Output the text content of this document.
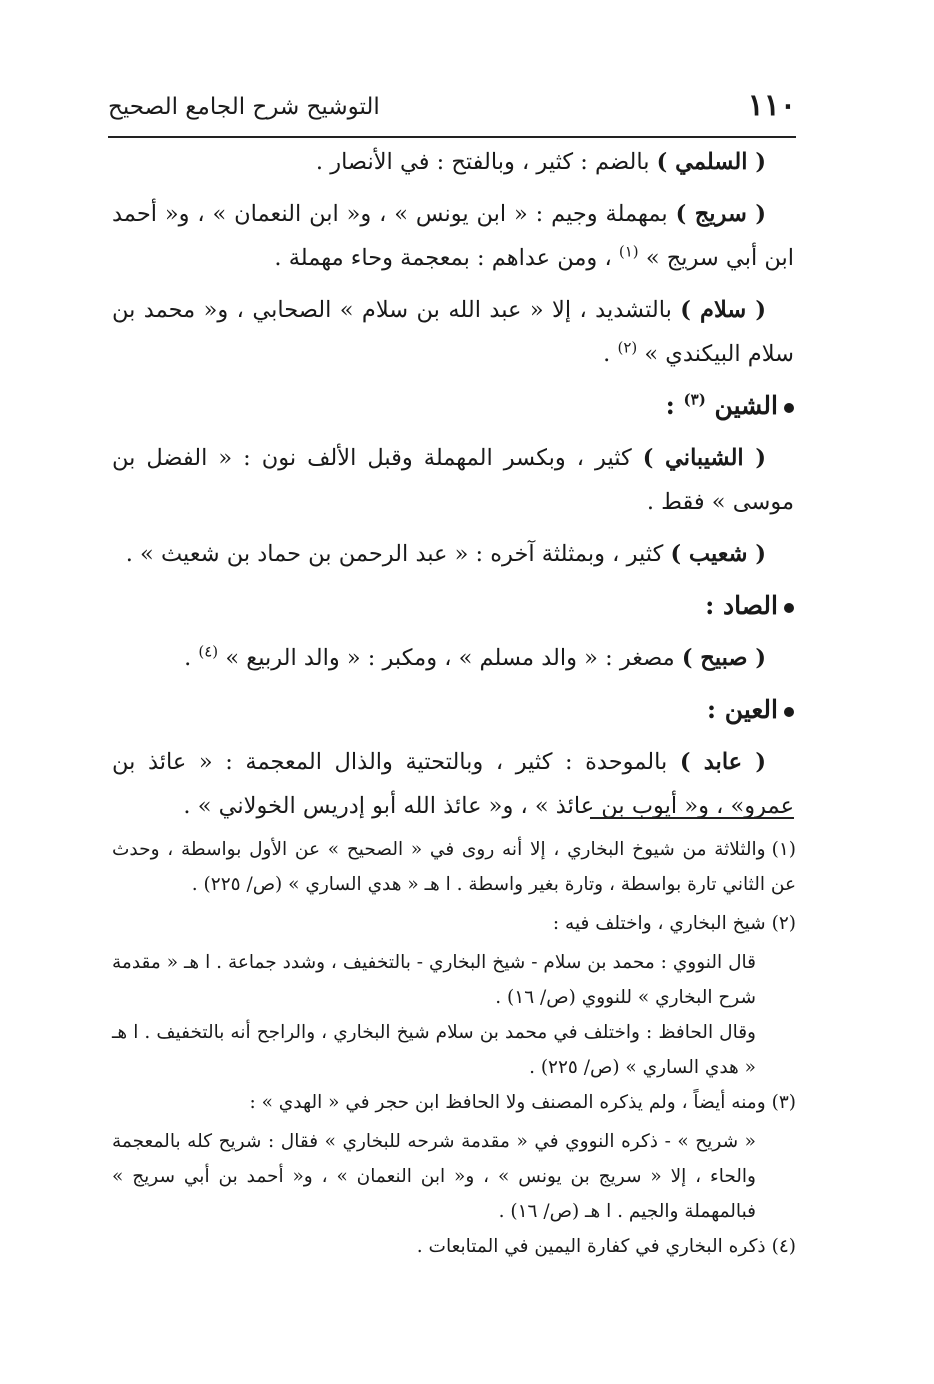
١١٠
التوشيح شرح الجامع الصحيح

( السلمي ) بالضم : كثير ، وبالفتح : في الأنصار .

( سريج ) بمهملة وجيم : « ابن يونس » ، و« ابن النعمان » ، و« أحمد ابن أبي سريج » $^{(١)}$ ، ومن عداهم : بمعجمة وحاء مهملة .

( سلام ) بالتشديد ، إلا « عبد الله بن سلام » الصحابي ، و« محمد بن سلام البيكندي » $^{(٢)}$ .

الشين $^{(٣)}$ :

( الشيباني ) كثير ، وبكسر المهملة وقبل الألف نون : « الفضل بن موسى » فقط .

( شعيب ) كثير ، وبمثلثة آخره : « عبد الرحمن بن حماد بن شعيث » .

الصاد :

( صبيح ) مصغر : « والد مسلم » ، ومكبر : « والد الربيع » $^{(٤)}$ .

العين :

( عابد ) بالموحدة : كثير ، وبالتحتية والذال المعجمة : « عائذ بن عمرو» ، و« أيوب بن عائذ » ، و« عائذ الله أبو إدريس الخولاني » .

(١)والثلاثة من شيوخ البخاري ، إلا أنه روى في « الصحيح » عن الأول بواسطة ، وحدث عن الثاني تارة بواسطة ، وتارة بغير واسطة . ا هـ « هدي الساري » (ص/ ٢٢٥) .

(٢)شيخ البخاري ، واختلف فيه :

قال النووي : محمد بن سلام - شيخ البخاري - بالتخفيف ، وشدد جماعة . ا هـ « مقدمة شرح البخاري » للنووي (ص/ ١٦) .

وقال الحافظ : واختلف في محمد بن سلام شيخ البخاري ، والراجح أنه بالتخفيف . ا هـ « هدي الساري » (ص/ ٢٢٥) .

(٣)ومنه أيضاً ، ولم يذكره المصنف ولا الحافظ ابن حجر في « الهدي » :

« شريح » - ذكره النووي في « مقدمة شرحه للبخاري » فقال : شريح كله بالمعجمة والحاء ، إلا « سريج بن يونس » ، و« ابن النعمان » ، و« أحمد بن أبي سريج » فبالمهملة والجيم . ا هـ (ص/ ١٦) .

(٤)ذكره البخاري في كفارة اليمين في المتابعات .
